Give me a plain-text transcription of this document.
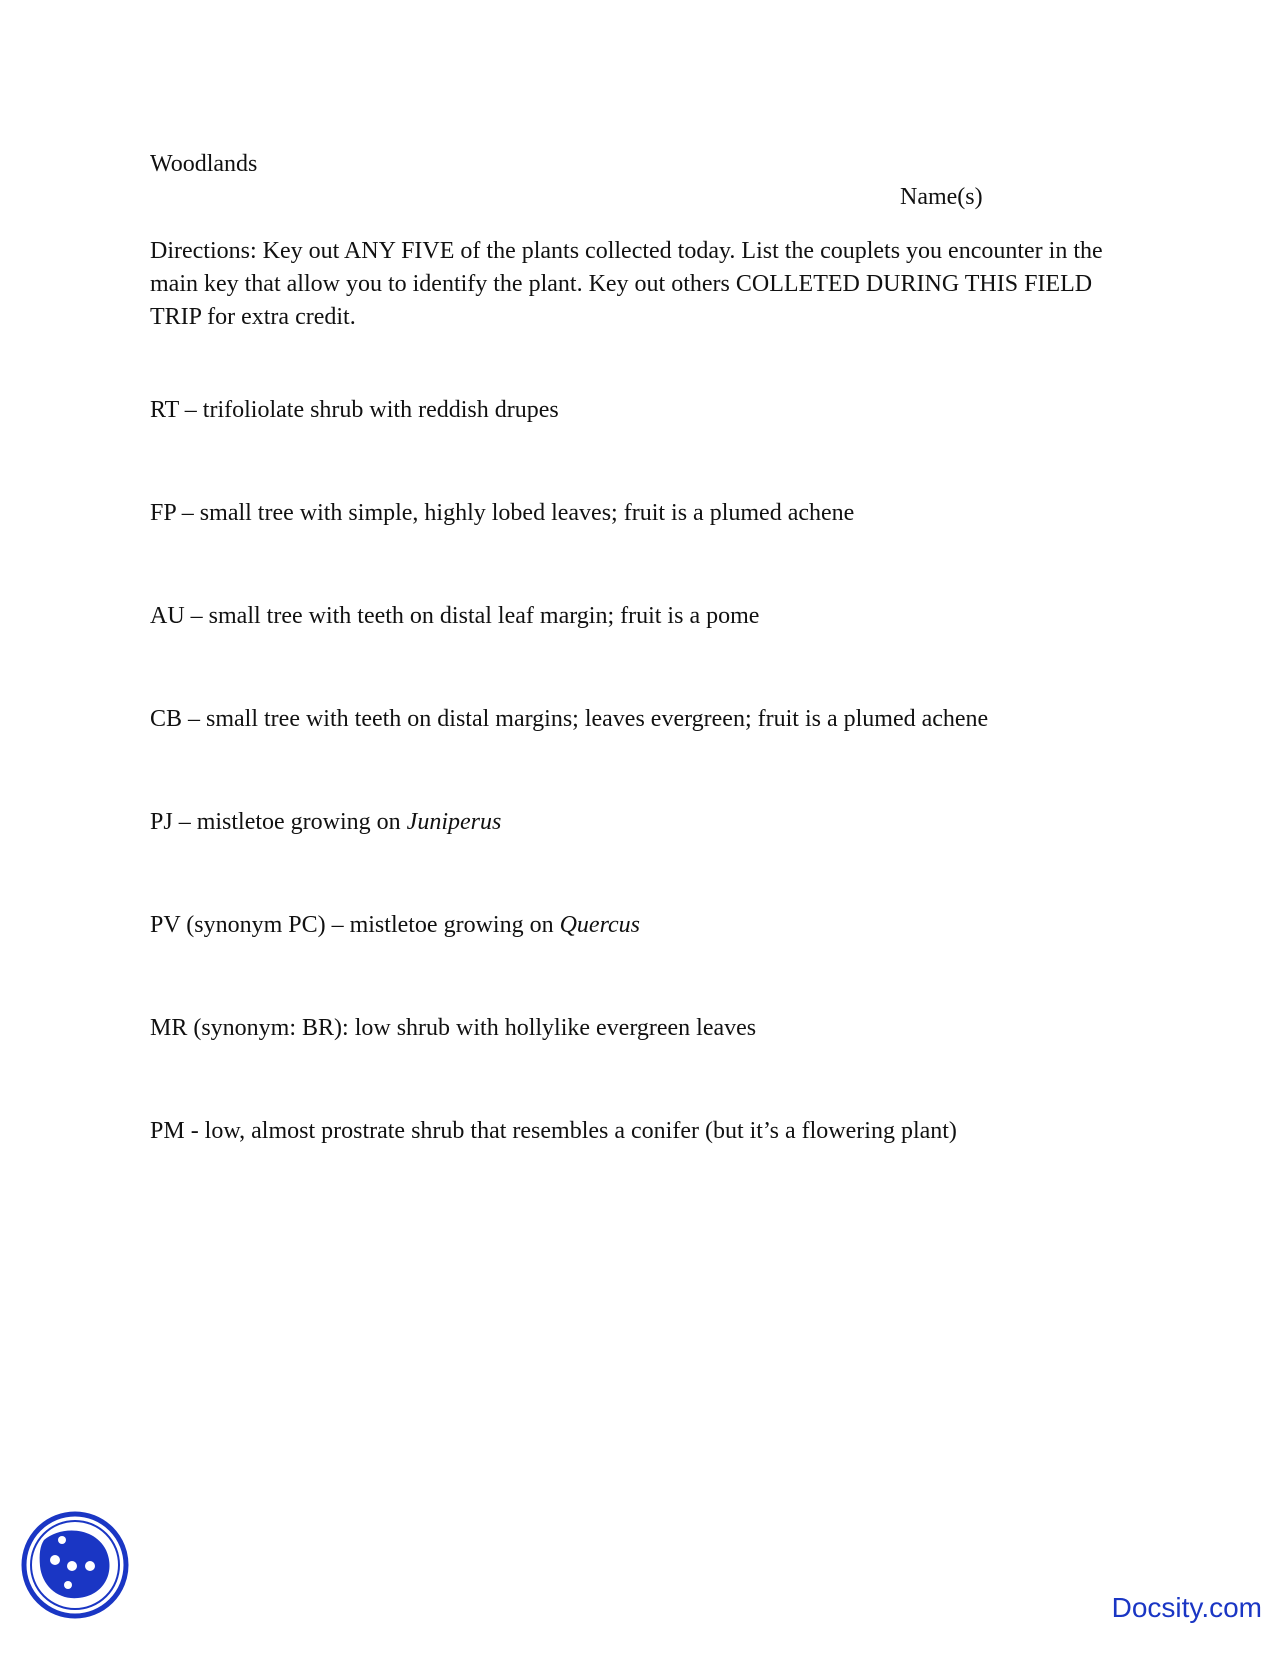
Woodlands

Name(s)

Directions: Key out ANY FIVE of the plants collected today. List the couplets you encounter in the main key that allow you to identify the plant. Key out others COLLETED DURING THIS FIELD TRIP for extra credit.

RT – trifoliolate shrub with reddish drupes

FP – small tree with simple, highly lobed leaves; fruit is a plumed achene

AU – small tree with teeth on distal leaf margin; fruit is a pome

CB – small tree with teeth on distal margins; leaves evergreen; fruit is a plumed achene

PJ – mistletoe growing on Juniperus

PV (synonym PC) – mistletoe growing on Quercus

MR (synonym: BR): low shrub with hollylike evergreen leaves

PM - low, almost prostrate shrub that resembles a conifer (but it’s a flowering plant)

Docsity.com
